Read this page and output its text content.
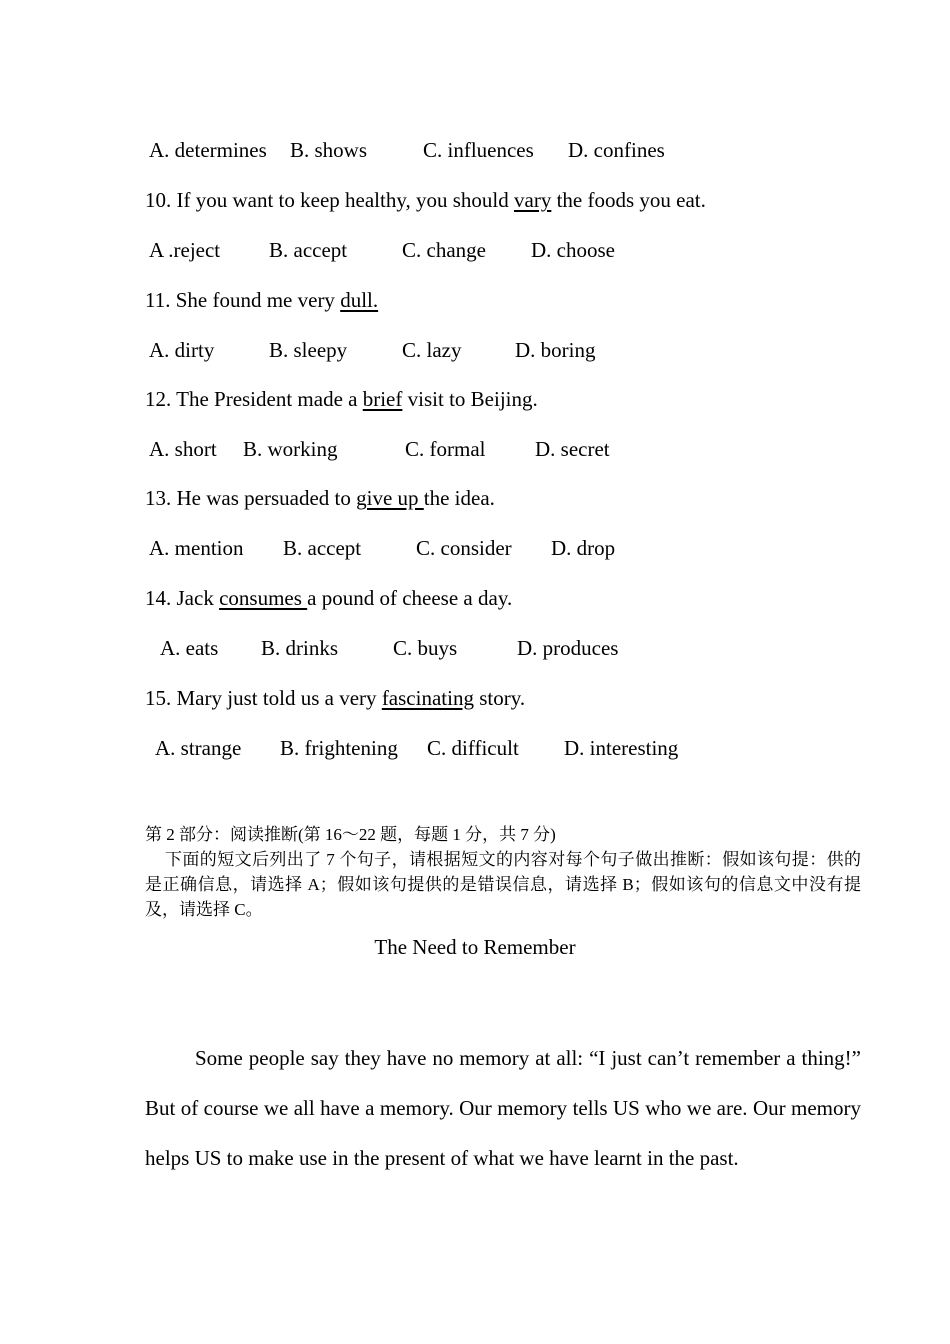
A. determines B. shows	C. influences D. confines
10. If you want to keep healthy, you should vary the foods you eat.
A .reject B. accept	C. change D. choose
11. She found me very dull.
A. dirty	B. sleepy	C. lazy	D. boring
12. The President made a brief visit to Beijing.
A. short B. working	C. formal D. secret
13. He was persuaded to give up the idea.
A. mention B. accept	C. consider D. drop
14. Jack consumes a pound of cheese a day.
A. eats B. drinks	C. buys	D. produces
15. Mary just told us a very fascinating story.
A. strange B. frightening C. difficult D. interesting

第 2 部分：阅读推断(第 16～22 题，每题 1 分，共 7 分)

下面的短文后列出了 7 个句子，请根据短文的内容对每个句子做出推断：假如该句提：供的是正确信息，请选择 A；假如该句提供的是错误信息，请选择 B；假如该句的信息文中没有提及，请选择 C。

The Need to Remember

Some people say they have no memory at all: “I just can’t remember a thing!” But of course we all have a memory. Our memory tells US who we are. Our memory helps US to make use in the present of what we have learnt in the past.
